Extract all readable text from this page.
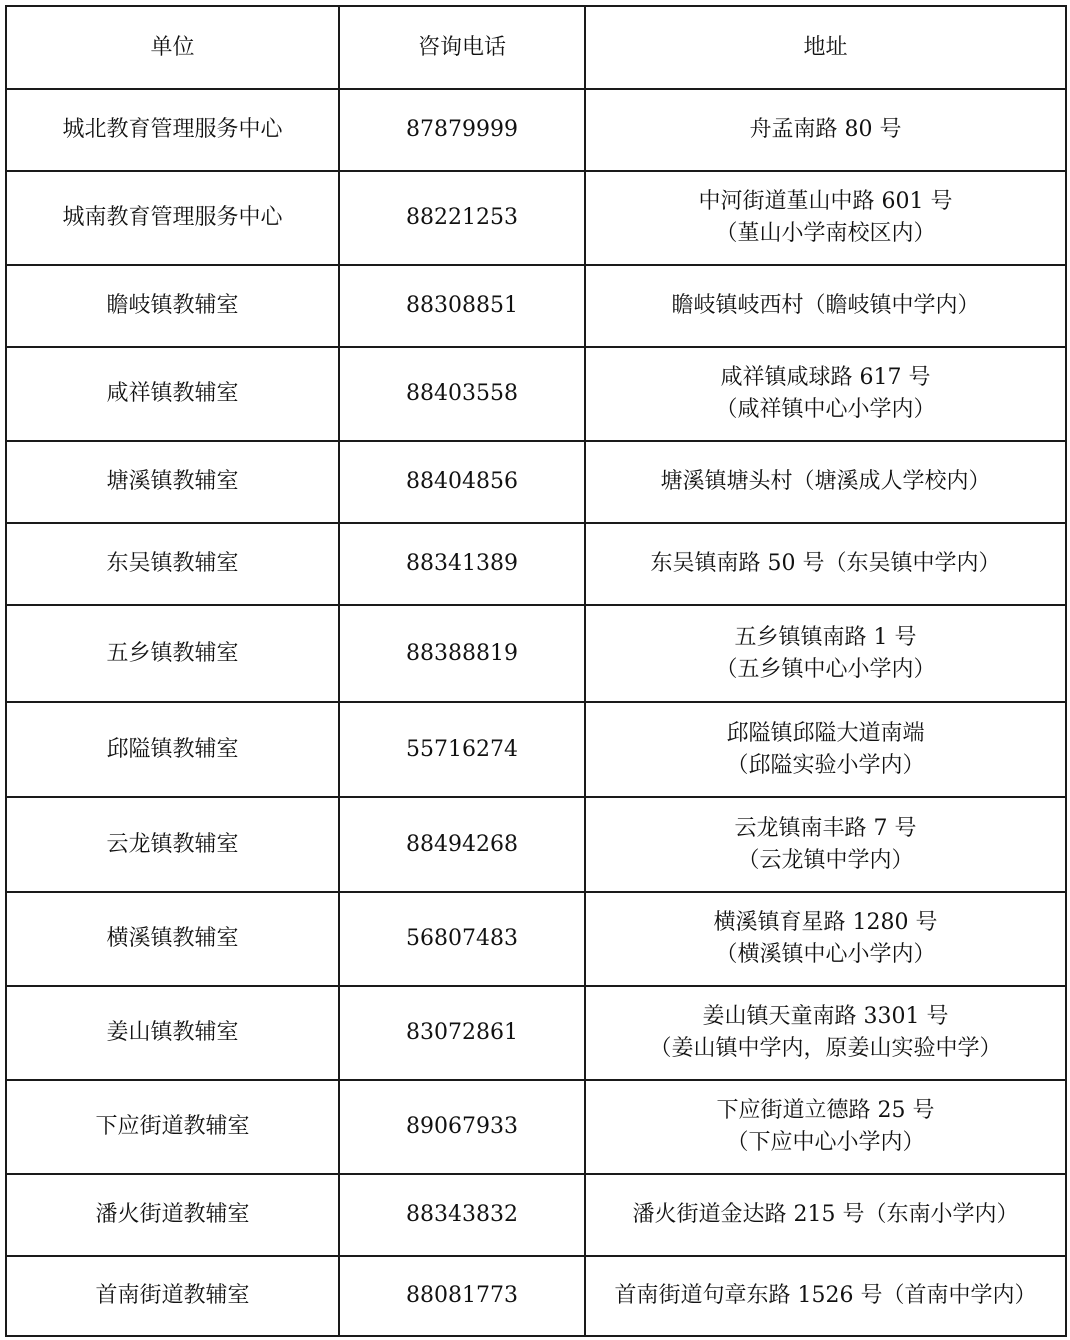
单位	咨询电话	地址
城北教育管理服务中心	87879999	舟孟南路 80 号

城南教育管理服务中心	88221253	中河街道堇山中路 601 号
（堇山小学南校区内）

瞻岐镇教辅室	88308851	瞻岐镇岐西村（瞻岐镇中学内）

咸祥镇教辅室	88403558	咸祥镇咸球路 617 号
（咸祥镇中心小学内）

塘溪镇教辅室	88404856	塘溪镇塘头村（塘溪成人学校内）

东吴镇教辅室	88341389	东吴镇南路 50 号（东吴镇中学内）

五乡镇教辅室	88388819	五乡镇镇南路 1 号
（五乡镇中心小学内）

邱隘镇教辅室	55716274	邱隘镇邱隘大道南端
（邱隘实验小学内）

云龙镇教辅室	88494268	云龙镇南丰路 7 号
（云龙镇中学内）

横溪镇教辅室	56807483	横溪镇育星路 1280 号
（横溪镇中心小学内）

姜山镇教辅室	83072861	姜山镇天童南路 3301 号
（姜山镇中学内，原姜山实验中学）

下应街道教辅室	89067933	下应街道立德路 25 号
（下应中心小学内）

潘火街道教辅室	88343832	潘火街道金达路 215 号（东南小学内）

首南街道教辅室	88081773	首南街道句章东路 1526 号（首南中学内）
